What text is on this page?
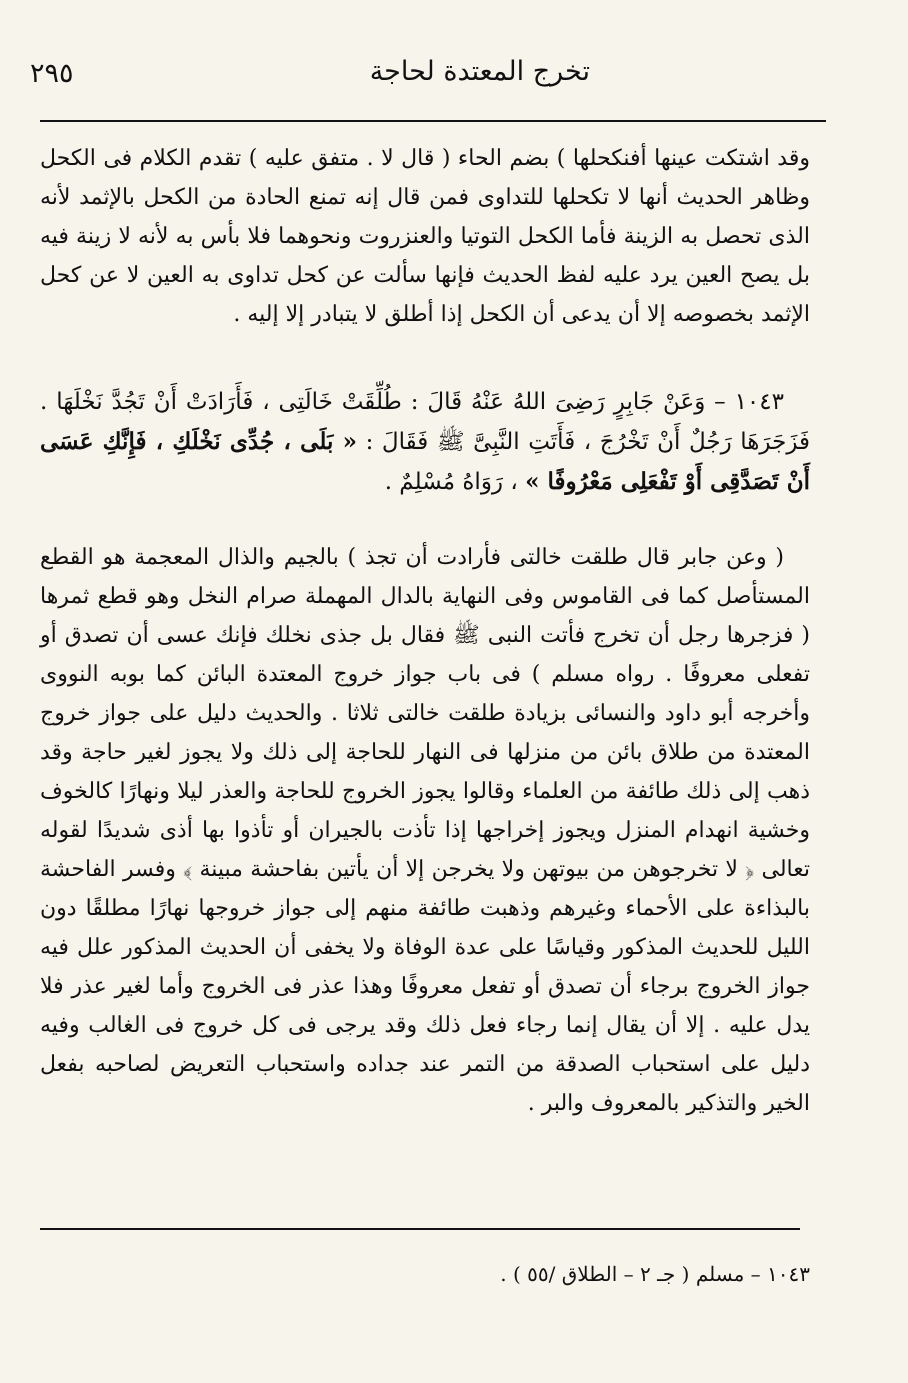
٢٩٥	تخرج المعتدة لحاجة

وقد اشتكت عينها أفنكحلها ) بضم الحاء ( قال لا . متفق عليه ) تقدم الكلام فى الكحل وظاهر الحديث أنها لا تكحلها للتداوى فمن قال إنه تمنع الحادة من الكحل بالإثمد لأنه الذى تحصل به الزينة فأما الكحل التوتيا والعنزروت ونحوهما فلا بأس به لأنه لا زينة فيه بل يصح العين يرد عليه لفظ الحديث فإنها سألت عن كحل تداوى به العين لا عن كحل الإثمد بخصوصه إلا أن يدعى أن الكحل إذا أطلق لا يتبادر إلا إليه .

١٠٤٣ – وَعَنْ جَابِرٍ رَضِىَ اللهُ عَنْهُ قَالَ : طُلِّقَتْ خَالَتِى ، فَأَرَادَتْ أَنْ تَجُدَّ نَخْلَهَا . فَزَجَرَهَا رَجُلٌ أَنْ تَخْرُجَ ، فَأَتَتِ النَّبِىَّ ﷺ فَقَالَ : « بَلَى ، جُدِّى نَخْلَكِ ، فَإِنَّكِ عَسَى أَنْ تَصَدَّقِى أَوْ تَفْعَلِى مَعْرُوفًا » ، رَوَاهُ مُسْلِمٌ .

( وعن جابر قال طلقت خالتى فأرادت أن تجذ ) بالجيم والذال المعجمة هو القطع المستأصل كما فى القاموس وفى النهاية بالدال المهملة صرام النخل وهو قطع ثمرها ( فزجرها رجل أن تخرج فأتت النبى ﷺ فقال بل جذى نخلك فإنك عسى أن تصدق أو تفعلى معروفًا . رواه مسلم ) فى باب جواز خروج المعتدة البائن كما بوبه النووى وأخرجه أبو داود والنسائى بزيادة طلقت خالتى ثلاثا . والحديث دليل على جواز خروج المعتدة من طلاق بائن من منزلها فى النهار للحاجة إلى ذلك ولا يجوز لغير حاجة وقد ذهب إلى ذلك طائفة من العلماء وقالوا يجوز الخروج للحاجة والعذر ليلا ونهارًا كالخوف وخشية انهدام المنزل ويجوز إخراجها إذا تأذت بالجيران أو تأذوا بها أذى شديدًا لقوله تعالى ﴿ لا تخرجوهن من بيوتهن ولا يخرجن إلا أن يأتين بفاحشة مبينة ﴾ وفسر الفاحشة بالبذاءة على الأحماء وغيرهم وذهبت طائفة منهم إلى جواز خروجها نهارًا مطلقًا دون الليل للحديث المذكور وقياسًا على عدة الوفاة ولا يخفى أن الحديث المذكور علل فيه جواز الخروج برجاء أن تصدق أو تفعل معروفًا وهذا عذر فى الخروج وأما لغير عذر فلا يدل عليه . إلا أن يقال إنما رجاء فعل ذلك وقد يرجى فى كل خروج فى الغالب وفيه دليل على استحباب الصدقة من التمر عند جداده واستحباب التعريض لصاحبه بفعل الخير والتذكير بالمعروف والبر .

١٠٤٣ – مسلم ( جـ ٢ – الطلاق /٥٥ ) .
